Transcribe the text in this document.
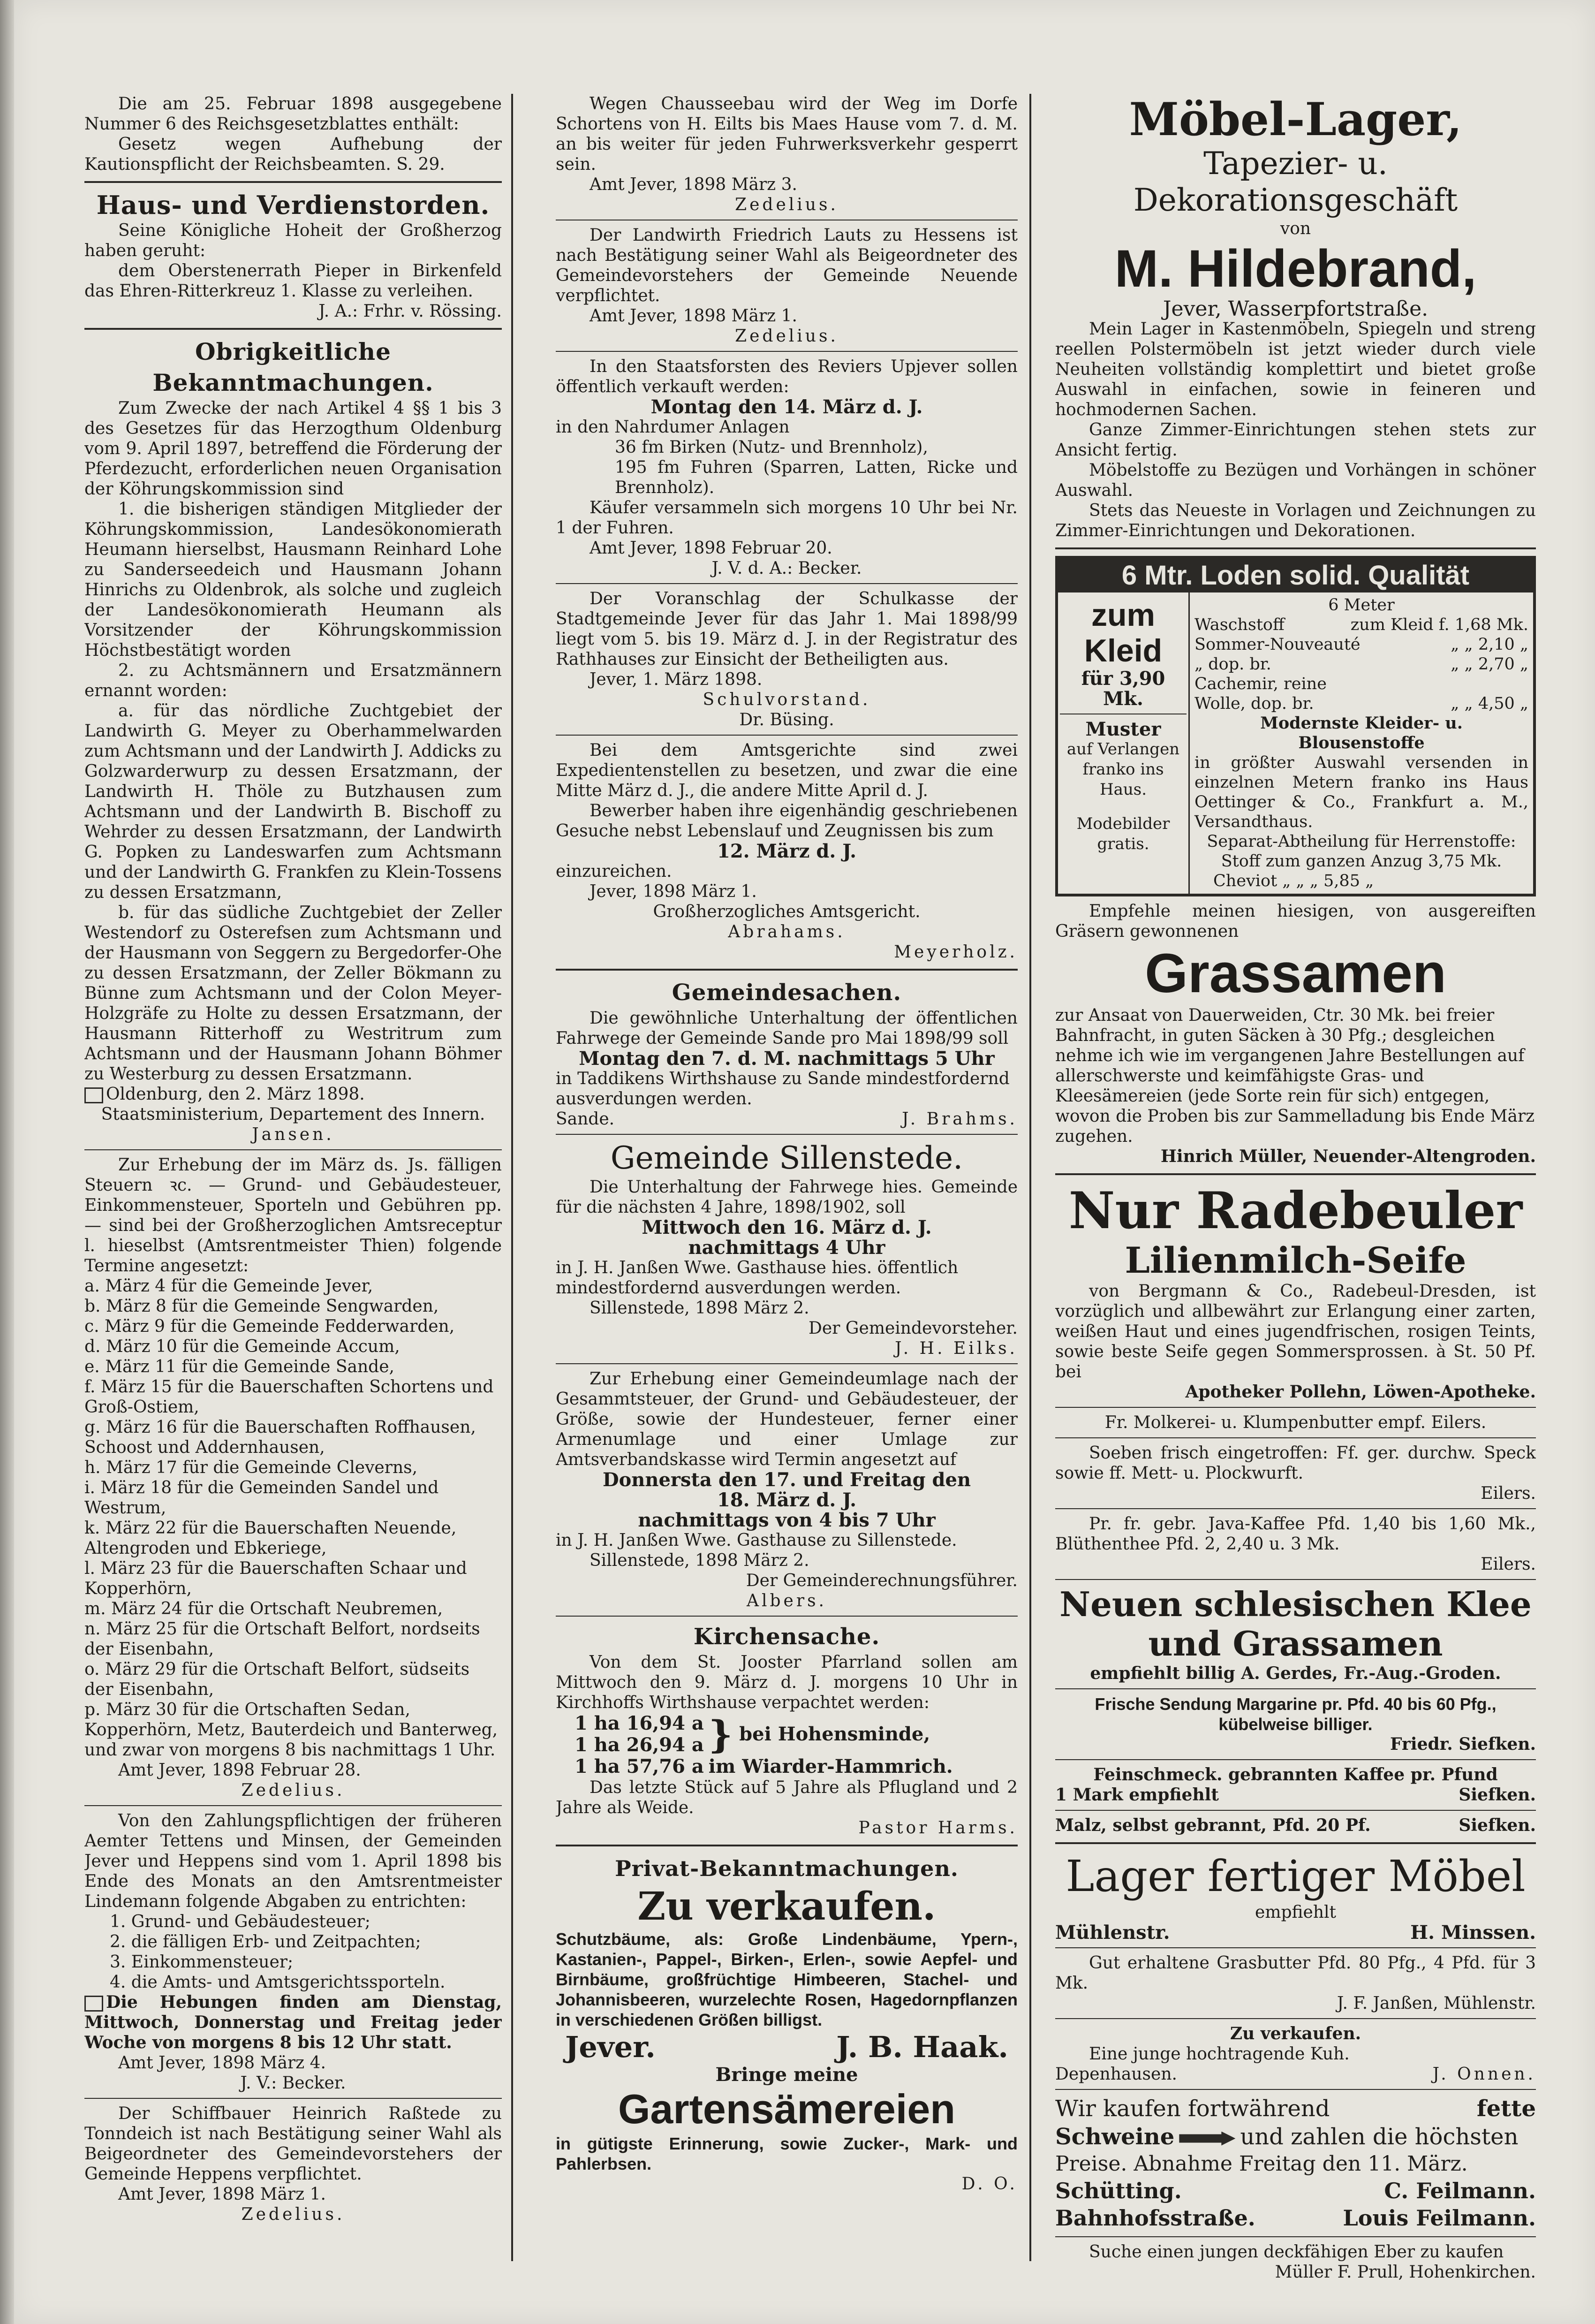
Die am 25. Februar 1898 ausgegebene Nummer 6 des Reichsgesetzblattes enthält:

Gesetz wegen Aufhebung der Kautionspflicht der Reichsbeamten. S. 29.

Haus- und Verdienstorden.

Seine Königliche Hoheit der Großherzog haben geruht:

dem Oberstenerrath Pieper in Birkenfeld das Ehren-Ritterkreuz 1. Klasse zu verleihen.

J. A.: Frhr. v. Rössing.

Obrigkeitliche Bekanntmachungen.

Zum Zwecke der nach Artikel 4 §§ 1 bis 3 des Gesetzes für das Herzogthum Oldenburg vom 9. April 1897, betreffend die Förderung der Pferdezucht, erforderlichen neuen Organisation der Köhrungskommission sind

1. die bisherigen ständigen Mitglieder der Köhrungskommission, Landesökonomierath Heumann hierselbst, Hausmann Reinhard Lohe zu Sanderseedeich und Hausmann Johann Hinrichs zu Oldenbrok, als solche und zugleich der Landesökonomierath Heumann als Vorsitzender der Köhrungskommission Höchstbestätigt worden

2. zu Achtsmännern und Ersatzmännern ernannt worden:

a. für das nördliche Zuchtgebiet der Landwirth G. Meyer zu Oberhammelwarden zum Achtsmann und der Landwirth J. Addicks zu Golzwarderwurp zu dessen Ersatzmann, der Landwirth H. Thöle zu Butzhausen zum Achtsmann und der Landwirth B. Bischoff zu Wehrder zu dessen Ersatzmann, der Landwirth G. Popken zu Landeswarfen zum Achtsmann und der Landwirth G. Frankfen zu Klein-Tossens zu dessen Ersatzmann,

b. für das südliche Zuchtgebiet der Zeller Westendorf zu Osterefsen zum Achtsmann und der Hausmann von Seggern zu Bergedorfer-Ohe zu dessen Ersatzmann, der Zeller Bökmann zu Bünne zum Achtsmann und der Colon Meyer-Holzgräfe zu Holte zu dessen Ersatzmann, der Hausmann Ritterhoff zu Westritrum zum Achtsmann und der Hausmann Johann Böhmer zu Westerburg zu dessen Ersatzmann.

Oldenburg, den 2. März 1898.

Staatsministerium, Departement des Innern.

Jansen.

Zur Erhebung der im März ds. Js. fälligen Steuern ꝛc. — Grund- und Gebäudesteuer, Einkommensteuer, Sporteln und Gebühren pp. — sind bei der Großherzoglichen Amtsreceptur l. hieselbst (Amtsrentmeister Thien) folgende Termine angesetzt:

a. März 4 für die Gemeinde Jever,

b. März 8 für die Gemeinde Sengwarden,

c. März 9 für die Gemeinde Fedderwarden,

d. März 10 für die Gemeinde Accum,

e. März 11 für die Gemeinde Sande,

f. März 15 für die Bauerschaften Schortens und Groß-Ostiem,

g. März 16 für die Bauerschaften Roffhausen, Schoost und Addernhausen,

h. März 17 für die Gemeinde Cleverns,

i. März 18 für die Gemeinden Sandel und Westrum,

k. März 22 für die Bauerschaften Neuende, Altengroden und Ebkeriege,

l. März 23 für die Bauerschaften Schaar und Kopperhörn,

m. März 24 für die Ortschaft Neubremen,

n. März 25 für die Ortschaft Belfort, nordseits der Eisenbahn,

o. März 29 für die Ortschaft Belfort, südseits der Eisenbahn,

p. März 30 für die Ortschaften Sedan, Kopperhörn, Metz, Bauterdeich und Banterweg,

und zwar von morgens 8 bis nachmittags 1 Uhr.

Amt Jever, 1898 Februar 28.

Zedelius.

Von den Zahlungspflichtigen der früheren Aemter Tettens und Minsen, der Gemeinden Jever und Heppens sind vom 1. April 1898 bis Ende des Monats an den Amtsrentmeister Lindemann folgende Abgaben zu entrichten:

1. Grund- und Gebäudesteuer;

2. die fälligen Erb- und Zeitpachten;

3. Einkommensteuer;

4. die Amts- und Amtsgerichtssporteln.

Die Hebungen finden am Dienstag, Mittwoch, Donnerstag und Freitag jeder Woche von morgens 8 bis 12 Uhr statt.

Amt Jever, 1898 März 4.

J. V.: Becker.

Der Schiffbauer Heinrich Raßtede zu Tonndeich ist nach Bestätigung seiner Wahl als Beigeordneter des Gemeindevorstehers der Gemeinde Heppens verpflichtet.

Amt Jever, 1898 März 1.

Zedelius.

Wegen Chausseebau wird der Weg im Dorfe Schortens von H. Eilts bis Maes Hause vom 7. d. M. an bis weiter für jeden Fuhrwerksverkehr gesperrt sein.

Amt Jever, 1898 März 3.

Zedelius.

Der Landwirth Friedrich Lauts zu Hessens ist nach Bestätigung seiner Wahl als Beigeordneter des Gemeindevorstehers der Gemeinde Neuende verpflichtet.

Amt Jever, 1898 März 1.

Zedelius.

In den Staatsforsten des Reviers Upjever sollen öffentlich verkauft werden:

Montag den 14. März d. J.

in den Nahrdumer Anlagen

36 fm Birken (Nutz- und Brennholz),

195 fm Fuhren (Sparren, Latten, Ricke und Brennholz).

Käufer versammeln sich morgens 10 Uhr bei Nr. 1 der Fuhren.

Amt Jever, 1898 Februar 20.

J. V. d. A.: Becker.

Der Voranschlag der Schulkasse der Stadtgemeinde Jever für das Jahr 1. Mai 1898/99 liegt vom 5. bis 19. März d. J. in der Registratur des Rathhauses zur Einsicht der Betheiligten aus.

Jever, 1. März 1898.

Schulvorstand.

Dr. Büsing.

Bei dem Amtsgerichte sind zwei Expedientenstellen zu besetzen, und zwar die eine Mitte März d. J., die andere Mitte April d. J.

Bewerber haben ihre eigenhändig geschriebenen Gesuche nebst Lebenslauf und Zeugnissen bis zum

12. März d. J.

einzureichen.

Jever, 1898 März 1.

Großherzogliches Amtsgericht.

Abrahams.

Meyerholz.

Gemeindesachen.

Die gewöhnliche Unterhaltung der öffentlichen Fahrwege der Gemeinde Sande pro Mai 1898/99 soll

Montag den 7. d. M. nachmittags 5 Uhr

in Taddikens Wirthshause zu Sande mindestfordernd ausverdungen werden.

Sande.	J. Brahms.
Gemeinde Sillenstede.

Die Unterhaltung der Fahrwege hies. Gemeinde für die nächsten 4 Jahre, 1898/1902, soll

Mittwoch den 16. März d. J.

nachmittags 4 Uhr

in J. H. Janßen Wwe. Gasthause hies. öffentlich mindestfordernd ausverdungen werden.

Sillenstede, 1898 März 2.

Der Gemeindevorsteher.

J. H. Eilks.

Zur Erhebung einer Gemeindeumlage nach der Gesammtsteuer, der Grund- und Gebäudesteuer, der Größe, sowie der Hundesteuer, ferner einer Armenumlage und einer Umlage zur Amtsverbandskasse wird Termin angesetzt auf

Donnersta den 17. und Freitag den

18. März d. J.

nachmittags von 4 bis 7 Uhr

in J. H. Janßen Wwe. Gasthause zu Sillenstede.

Sillenstede, 1898 März 2.

Der Gemeinderechnungsführer.

Albers.

Kirchensache.

Von dem St. Jooster Pfarrland sollen am Mittwoch den 9. März d. J. morgens 10 Uhr in Kirchhoffs Wirthshause verpachtet werden:

1 ha 16,94 a
1 ha 26,94 a
1 ha 57,76 a
}
bei Hohensminde,
im Wiarder-Hammrich.

Das letzte Stück auf 5 Jahre als Pflugland und 2 Jahre als Weide.

Pastor Harms.

Privat-Bekanntmachungen.
Zu verkaufen.

Schutzbäume, als: Große Lindenbäume, Ypern-, Kastanien-, Pappel-, Birken-, Erlen-, sowie Aepfel- und Birnbäume, großfrüchtige Himbeeren, Stachel- und Johannisbeeren, wurzelechte Rosen, Hagedornpflanzen in verschiedenen Größen billigst.

Jever.	J. B. Haak.

Bringe meine

Gartensämereien

in gütigste Erinnerung, sowie Zucker-, Mark- und Pahlerbsen.

D. O.

Möbel-Lager,
Tapezier- u. Dekorationsgeschäft

von

M. Hildebrand,

Jever, Wasserpfortstraße.

Mein Lager in Kastenmöbeln, Spiegeln und streng reellen Polstermöbeln ist jetzt wieder durch viele Neuheiten vollständig komplettirt und bietet große Auswahl in einfachen, sowie in feineren und hochmodernen Sachen.

Ganze Zimmer-Einrichtungen stehen stets zur Ansicht fertig.

Möbelstoffe zu Bezügen und Vorhängen in schöner Auswahl.

Stets das Neueste in Vorlagen und Zeichnungen zu Zimmer-Einrichtungen und Dekorationen.

6 Mtr. Loden solid. Qualität
zum
Kleid
für 3,90 Mk.
Muster
auf Verlangen franko ins Haus.
Modebilder gratis.

6 Meter

Waschstoff	zum Kleid f. 1,68 Mk.
Sommer-Nouveauté	„ „ 2,10 „
„ dop. br.	„ „ 2,70 „
Cachemir, reine
Wolle, dop. br.	„ „ 4,50 „

Modernste Kleider- u. Blousenstoffe

in größter Auswahl versenden in einzelnen Metern franko ins Haus Oettinger & Co., Frankfurt a. M., Versandthaus.

Separat-Abtheilung für Herrenstoffe:

Stoff zum ganzen Anzug 3,75 Mk.

Cheviot „ „ „ 5,85 „

Empfehle meinen hiesigen, von ausgereiften Gräsern gewonnenen

Grassamen

zur Ansaat von Dauerweiden, Ctr. 30 Mk. bei freier Bahnfracht, in guten Säcken à 30 Pfg.; desgleichen nehme ich wie im vergangenen Jahre Bestellungen auf allerschwerste und keimfähigste Gras- und Kleesämereien (jede Sorte rein für sich) entgegen, wovon die Proben bis zur Sammelladung bis Ende März zugehen.

Hinrich Müller, Neuender-Altengroden.

Nur Radebeuler
Lilienmilch-Seife

von Bergmann & Co., Radebeul-Dresden, ist vorzüglich und allbewährt zur Erlangung einer zarten, weißen Haut und eines jugendfrischen, rosigen Teints, sowie beste Seife gegen Sommersprossen. à St. 50 Pf. bei

Apotheker Pollehn, Löwen-Apotheke.

Fr. Molkerei- u. Klumpenbutter empf. Eilers.

Soeben frisch eingetroffen: Ff. ger. durchw. Speck sowie ff. Mett- u. Plockwurft.

Eilers.

Pr. fr. gebr. Java-Kaffee Pfd. 1,40 bis 1,60 Mk., Blüthenthee Pfd. 2, 2,40 u. 3 Mk.

Eilers.

Neuen schlesischen Klee
und Grassamen

empfiehlt billig A. Gerdes, Fr.-Aug.-Groden.

Frische Sendung Margarine pr. Pfd. 40 bis 60 Pfg., kübelweise billiger.

Friedr. Siefken.

Feinschmeck. gebrannten Kaffee pr. Pfund

1 Mark empfiehlt	Siefken.
Malz, selbst gebrannt, Pfd. 20 Pf.	Siefken.
Lager fertiger Möbel

empfiehlt

Mühlenstr.	H. Minssen.

Gut erhaltene Grasbutter Pfd. 80 Pfg., 4 Pfd. für 3 Mk.

J. F. Janßen, Mühlenstr.

Zu verkaufen.

Eine junge hochtragende Kuh.

Depenhausen.	J. Onnen.
Wir kaufen fortwährend	fette
Schweine	und zahlen die höchsten

Preise. Abnahme Freitag den 11. März.

Schütting.	C. Feilmann.
Bahnhofsstraße.	Louis Feilmann.

Suche einen jungen deckfähigen Eber zu kaufen

Müller F. Prull, Hohenkirchen.
